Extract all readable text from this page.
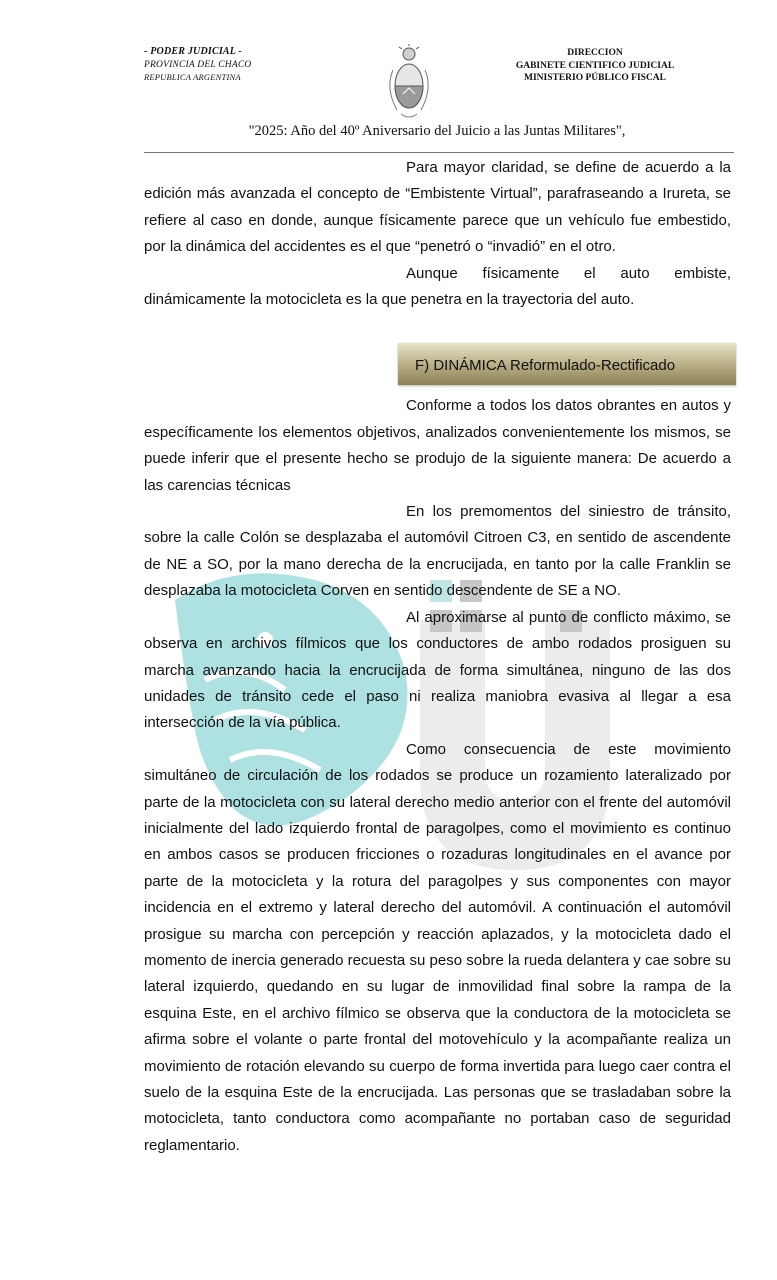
- PODER JUDICIAL -
PROVINCIA DEL CHACO
REPUBLICA ARGENTINA
DIRECCION
GABINETE CIENTIFICO JUDICIAL
MINISTERIO PÚBLICO FISCAL
"2025: Año del 40º Aniversario del Juicio a las Juntas Militares",

Para mayor claridad, se define de acuerdo a la edición más avanzada el concepto de “Embistente Virtual”, parafraseando a Irureta, se refiere al caso en donde, aunque físicamente parece que un vehículo fue embestido, por la dinámica del accidentes es el que “penetró o “invadió” en el otro.

Aunque físicamente el auto embiste, dinámicamente la motocicleta es la que penetra en la trayectoria del auto.

F) DINÁMICA Reformulado-Rectificado

Conforme a todos los datos obrantes en autos y específicamente los elementos objetivos, analizados convenientemente los mismos, se puede inferir que el presente hecho se produjo de la siguiente manera: De acuerdo a las carencias técnicas

En los premomentos del siniestro de tránsito, sobre la calle Colón se desplazaba el automóvil Citroen C3, en sentido de ascendente de NE a SO, por la mano derecha de la encrucijada, en tanto por la calle Franklin se desplazaba la motocicleta Corven en sentido descendente de SE a NO.

Al aproximarse al punto de conflicto máximo, se observa en archivos fílmicos que los conductores de ambo rodados prosiguen su marcha avanzando hacia la encrucijada de forma simultánea, ninguno de las dos unidades de tránsito cede el paso ni realiza maniobra evasiva al llegar a esa intersección de la vía pública.

Como consecuencia de este movimiento simultáneo de circulación de los rodados se produce un rozamiento lateralizado por parte de la motocicleta con su lateral derecho medio anterior con el frente del automóvil inicialmente del lado izquierdo frontal de paragolpes, como el movimiento es continuo en ambos casos se producen fricciones o rozaduras longitudinales en el avance por parte de la motocicleta y la rotura del paragolpes y sus componentes con mayor incidencia en el extremo y lateral derecho del automóvil. A continuación el automóvil prosigue su marcha con percepción y reacción aplazados, y la motocicleta dado el momento de inercia generado recuesta su peso sobre la rueda delantera y cae sobre su lateral izquierdo, quedando en su lugar de inmovilidad final sobre la rampa de la esquina Este, en el archivo fílmico se observa que la conductora de la motocicleta se afirma sobre el volante o parte frontal del motovehículo y la acompañante realiza un movimiento de rotación elevando su cuerpo de forma invertida para luego caer contra el suelo de la esquina Este de la encrucijada. Las personas que se trasladaban sobre la motocicleta, tanto conductora como acompañante no portaban caso de seguridad reglamentario.
